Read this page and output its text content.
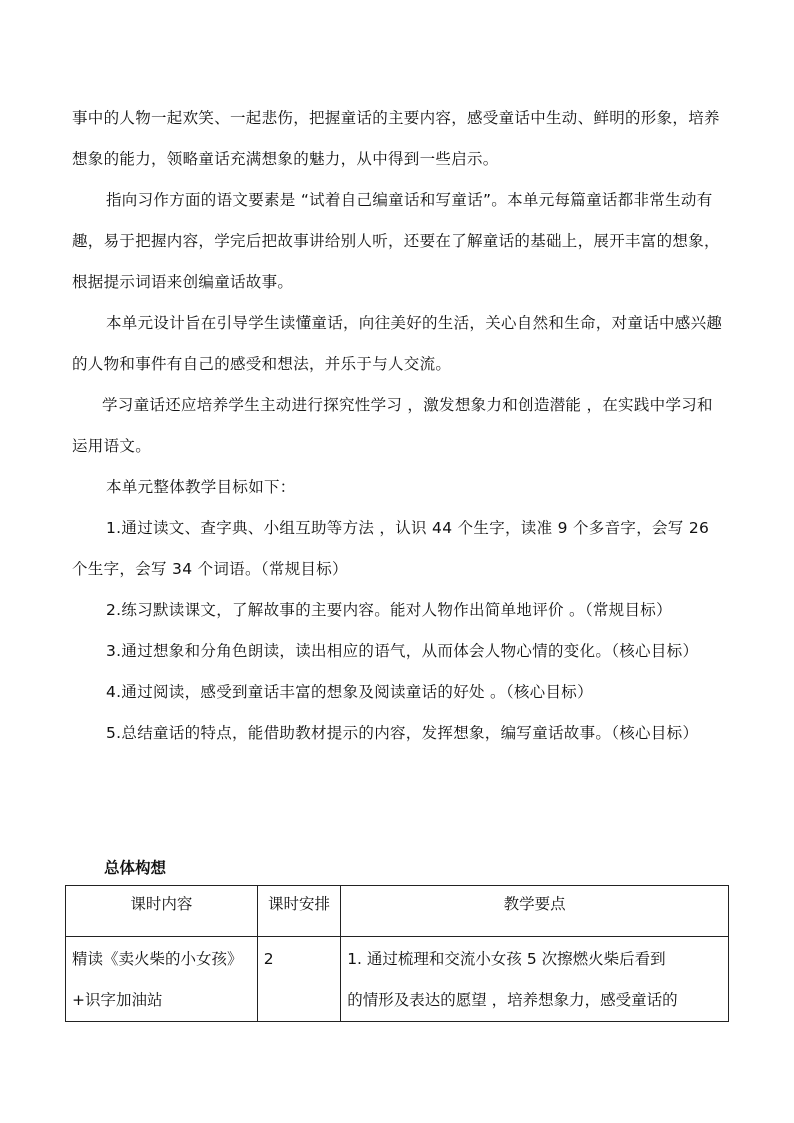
事中的人物一起欢笑、一起悲伤，把握童话的主要内容，感受童话中生动、鲜明的形象，培养想象的能力，领略童话充满想象的魅力，从中得到一些启示。

指向习作方面的语文要素是 “试着自己编童话和写童话”。本单元每篇童话都非常生动有趣，易于把握内容，学完后把故事讲给别人听，还要在了解童话的基础上，展开丰富的想象，根据提示词语来创编童话故事。

本单元设计旨在引导学生读懂童话，向往美好的生活，关心自然和生命，对童话中感兴趣的人物和事件有自己的感受和想法，并乐于与人交流。

学习童话还应培养学生主动进行探究性学习 ，激发想象力和创造潜能 ，在实践中学习和运用语文。

本单元整体教学目标如下：

1.通过读文、查字典、小组互助等方法 ，认识 44 个生字，读准 9 个多音字，会写 26 个生字，会写 34 个词语。（常规目标）

2.练习默读课文，了解故事的主要内容。能对人物作出简单地评价 。（常规目标）

3.通过想象和分角色朗读，读出相应的语气，从而体会人物心情的变化。（核心目标）

4.通过阅读，感受到童话丰富的想象及阅读童话的好处 。（核心目标）

5.总结童话的特点，能借助教材提示的内容，发挥想象，编写童话故事。（核心目标）

总体构想
课时内容	课时安排	教学要点

精读《卖火柴的小女孩》
+识字加油站	2	1. 通过梳理和交流小女孩 5 次擦燃火柴后看到
的情形及表达的愿望 ，培养想象力，感受童话的
